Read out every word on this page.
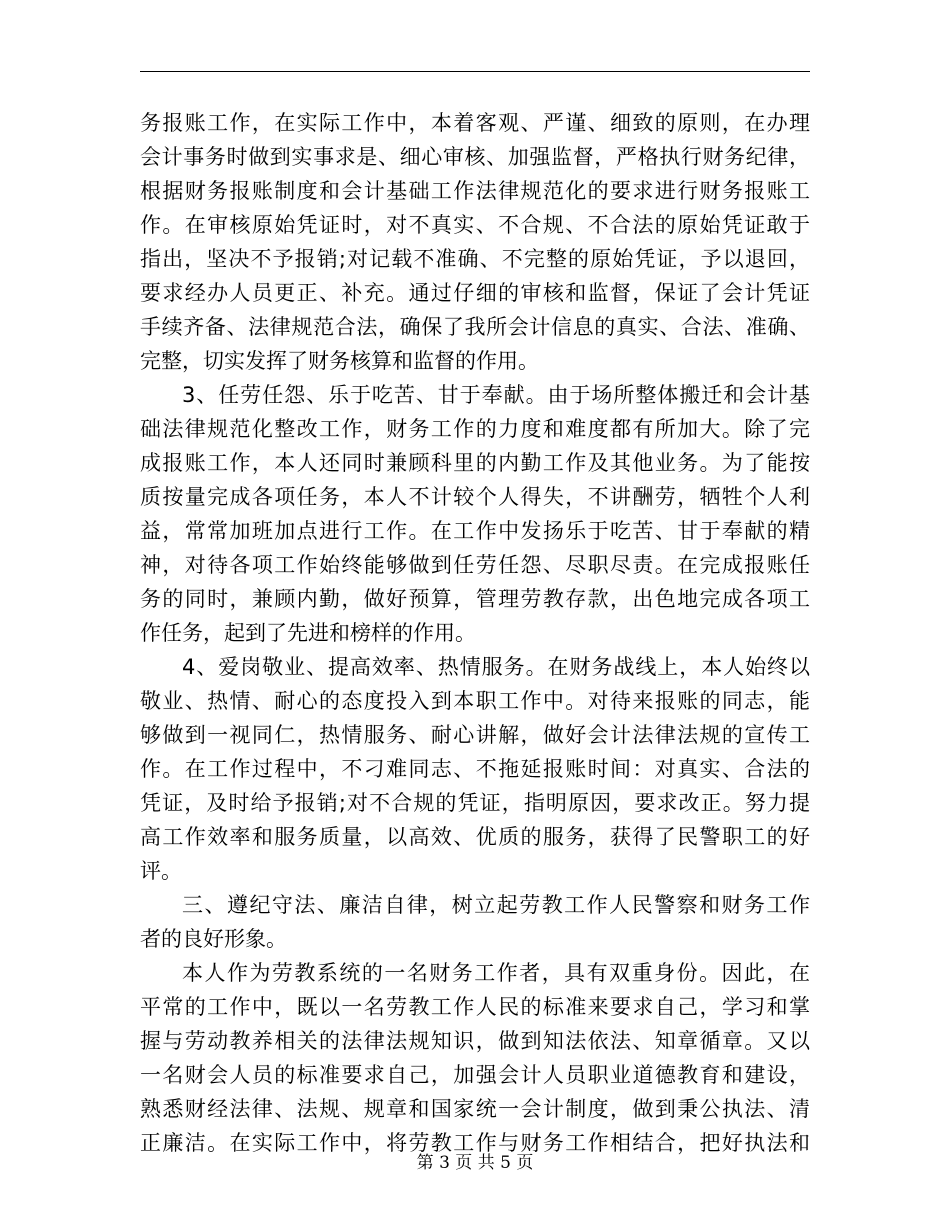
务报账工作，在实际工作中，本着客观、严谨、细致的原则，在办理
会计事务时做到实事求是、细心审核、加强监督，严格执行财务纪律，
根据财务报账制度和会计基础工作法律规范化的要求进行财务报账工
作。在审核原始凭证时，对不真实、不合规、不合法的原始凭证敢于
指出，坚决不予报销;对记载不准确、不完整的原始凭证，予以退回，
要求经办人员更正、补充。通过仔细的审核和监督，保证了会计凭证
手续齐备、法律规范合法，确保了我所会计信息的真实、合法、准确、
完整，切实发挥了财务核算和监督的作用。
3、任劳任怨、乐于吃苦、甘于奉献。由于场所整体搬迁和会计基
础法律规范化整改工作，财务工作的力度和难度都有所加大。除了完
成报账工作，本人还同时兼顾科里的内勤工作及其他业务。为了能按
质按量完成各项任务，本人不计较个人得失，不讲酬劳，牺牲个人利
益，常常加班加点进行工作。在工作中发扬乐于吃苦、甘于奉献的精
神，对待各项工作始终能够做到任劳任怨、尽职尽责。在完成报账任
务的同时，兼顾内勤，做好预算，管理劳教存款，出色地完成各项工
作任务，起到了先进和榜样的作用。
4、爱岗敬业、提高效率、热情服务。在财务战线上，本人始终以
敬业、热情、耐心的态度投入到本职工作中。对待来报账的同志，能
够做到一视同仁，热情服务、耐心讲解，做好会计法律法规的宣传工
作。在工作过程中，不刁难同志、不拖延报账时间：对真实、合法的
凭证，及时给予报销;对不合规的凭证，指明原因，要求改正。努力提
高工作效率和服务质量，以高效、优质的服务，获得了民警职工的好
评。
三、遵纪守法、廉洁自律，树立起劳教工作人民警察和财务工作
者的良好形象。
本人作为劳教系统的一名财务工作者，具有双重身份。因此，在
平常的工作中，既以一名劳教工作人民的标准来要求自己，学习和掌
握与劳动教养相关的法律法规知识，做到知法依法、知章循章。又以
一名财会人员的标准要求自己，加强会计人员职业道德教育和建设，
熟悉财经法律、法规、规章和国家统一会计制度，做到秉公执法、清
正廉洁。在实际工作中，将劳教工作与财务工作相结合，把好执法和
第 3 页 共 5 页
